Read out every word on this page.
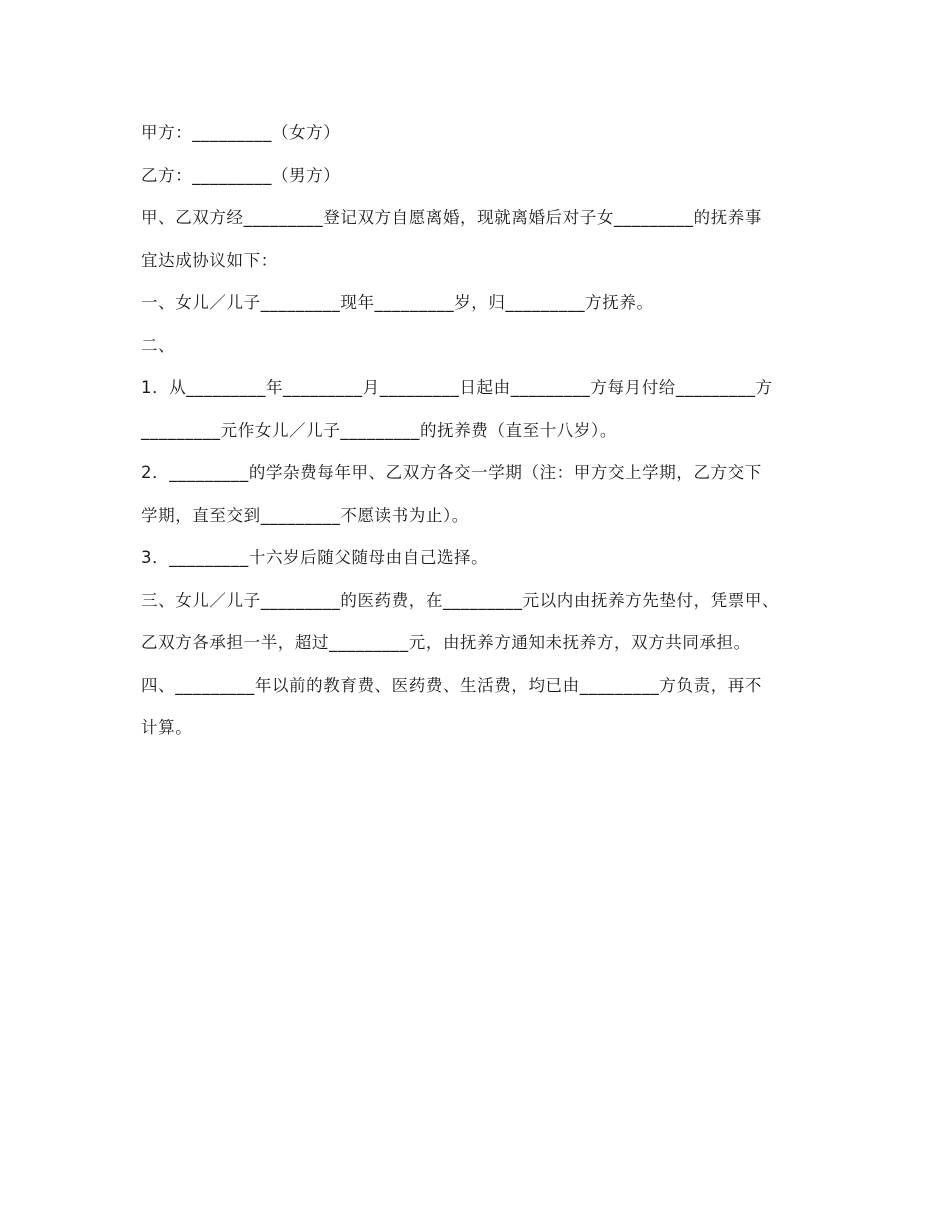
甲方：_________（女方）
乙方：_________（男方）
甲、乙双方经_________登记双方自愿离婚，现就离婚后对子女_________的抚养事
宜达成协议如下：
一、女儿／儿子_________现年_________岁，归_________方抚养。
二、
1．从_________年_________月_________日起由_________方每月付给_________方
_________元作女儿／儿子_________的抚养费（直至十八岁）。
2．_________的学杂费每年甲、乙双方各交一学期（注：甲方交上学期，乙方交下
学期，直至交到_________不愿读书为止）。
3．_________十六岁后随父随母由自己选择。
三、女儿／儿子_________的医药费，在_________元以内由抚养方先垫付，凭票甲、
乙双方各承担一半，超过_________元，由抚养方通知未抚养方，双方共同承担。
四、_________年以前的教育费、医药费、生活费，均已由_________方负责，再不
计算。
